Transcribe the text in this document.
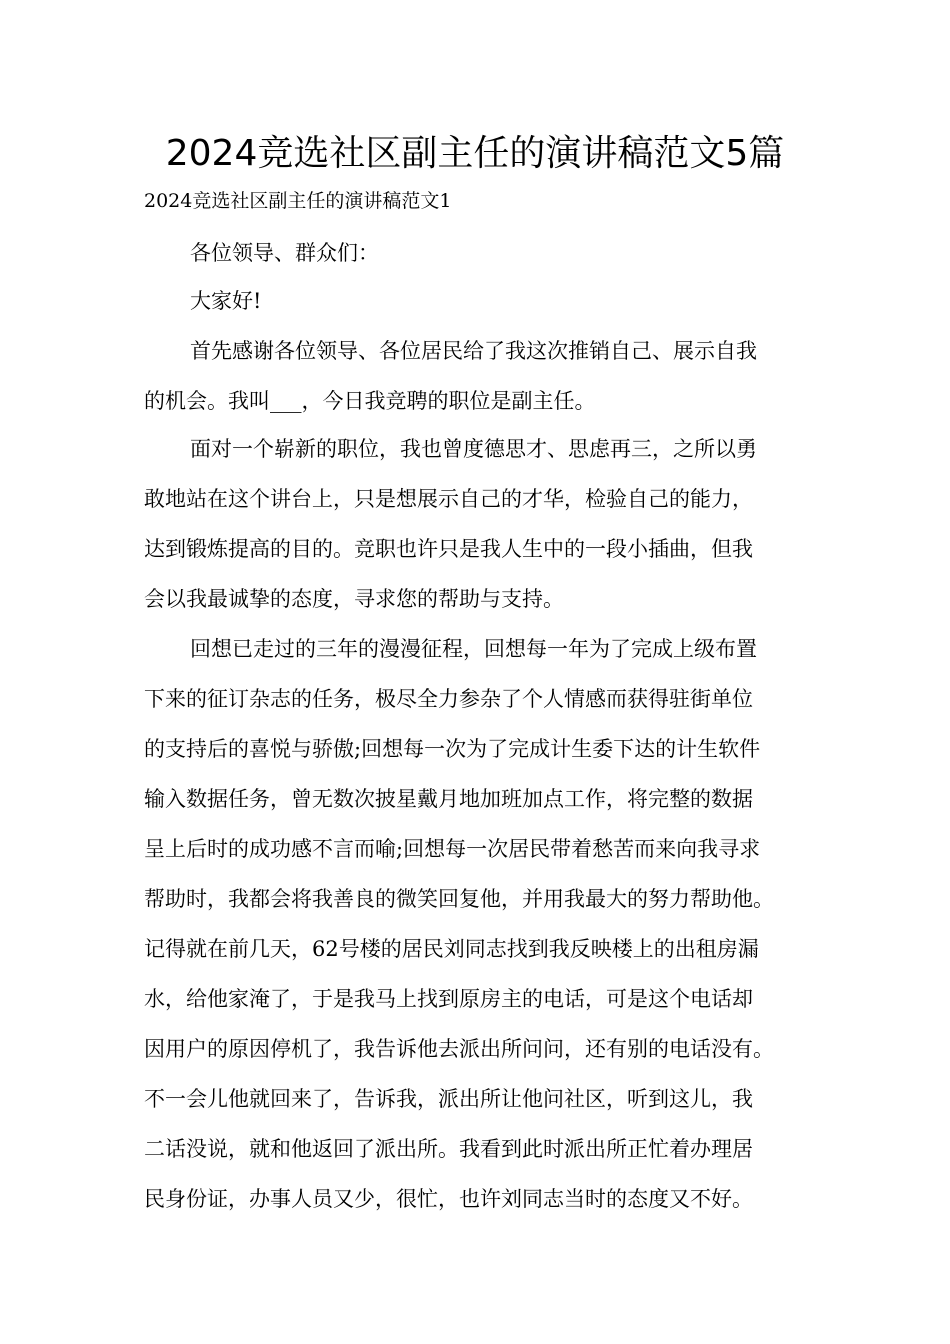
2024竞选社区副主任的演讲稿范文5篇
2024竞选社区副主任的演讲稿范文1
各位领导、群众们：
大家好!
首先感谢各位领导、各位居民给了我这次推销自己、展示自我
的机会。我叫___，今日我竞聘的职位是副主任。
面对一个崭新的职位，我也曾度德思才、思虑再三，之所以勇
敢地站在这个讲台上，只是想展示自己的才华，检验自己的能力，
达到锻炼提高的目的。竞职也许只是我人生中的一段小插曲，但我
会以我最诚挚的态度，寻求您的帮助与支持。
回想已走过的三年的漫漫征程，回想每一年为了完成上级布置
下来的征订杂志的任务，极尽全力参杂了个人情感而获得驻街单位
的支持后的喜悦与骄傲;回想每一次为了完成计生委下达的计生软件
输入数据任务，曾无数次披星戴月地加班加点工作，将完整的数据
呈上后时的成功感不言而喻;回想每一次居民带着愁苦而来向我寻求
帮助时，我都会将我善良的微笑回复他，并用我最大的努力帮助他。
记得就在前几天，62号楼的居民刘同志找到我反映楼上的出租房漏
水，给他家淹了，于是我马上找到原房主的电话，可是这个电话却
因用户的原因停机了，我告诉他去派出所问问，还有别的电话没有。
不一会儿他就回来了，告诉我，派出所让他问社区，听到这儿，我
二话没说，就和他返回了派出所。我看到此时派出所正忙着办理居
民身份证，办事人员又少，很忙，也许刘同志当时的态度又不好。
